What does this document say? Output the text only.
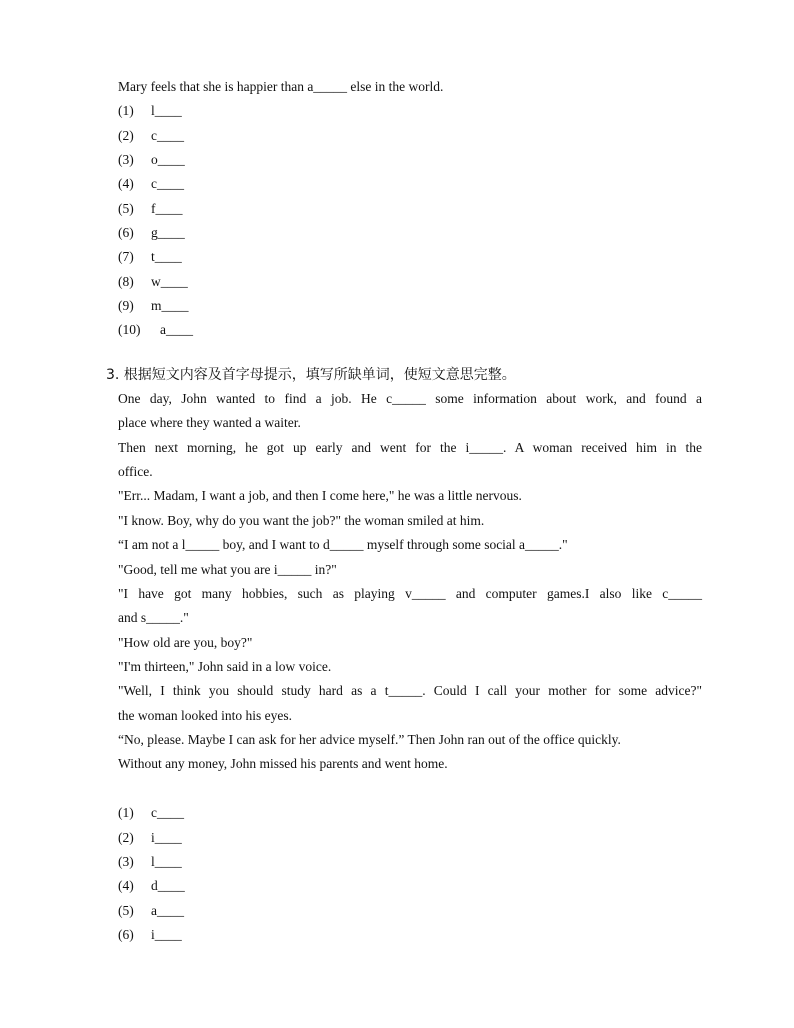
Mary feels that she is happier than a_____ else in the world.
(1) l____
(2) c____
(3) o____
(4) c____
(5) f____
(6) g____
(7) t____
(8) w____
(9) m____
(10) a____
3. 根据短文内容及首字母提示，填写所缺单词，使短文意思完整。
One day, John wanted to find a job. He c_____ some information about work, and found a
place where they wanted a waiter.
Then next morning, he got up early and went for the i_____. A woman received him in the
office.
"Err... Madam, I want a job, and then I come here," he was a little nervous.
"I know. Boy, why do you want the job?" the woman smiled at him.
“I am not a l_____ boy, and I want to d_____ myself through some social a_____."
"Good, tell me what you are i_____ in?"
"I have got many hobbies, such as playing v_____ and computer games.I also like c_____
and s_____."
"How old are you, boy?"
"I'm thirteen," John said in a low voice.
"Well, I think you should study hard as a t_____. Could I call your mother for some advice?"
the woman looked into his eyes.
“No, please. Maybe I can ask for her advice myself.” Then John ran out of the office quickly.
Without any money, John missed his parents and went home.
(1) c____
(2) i____
(3) l____
(4) d____
(5) a____
(6) i____
